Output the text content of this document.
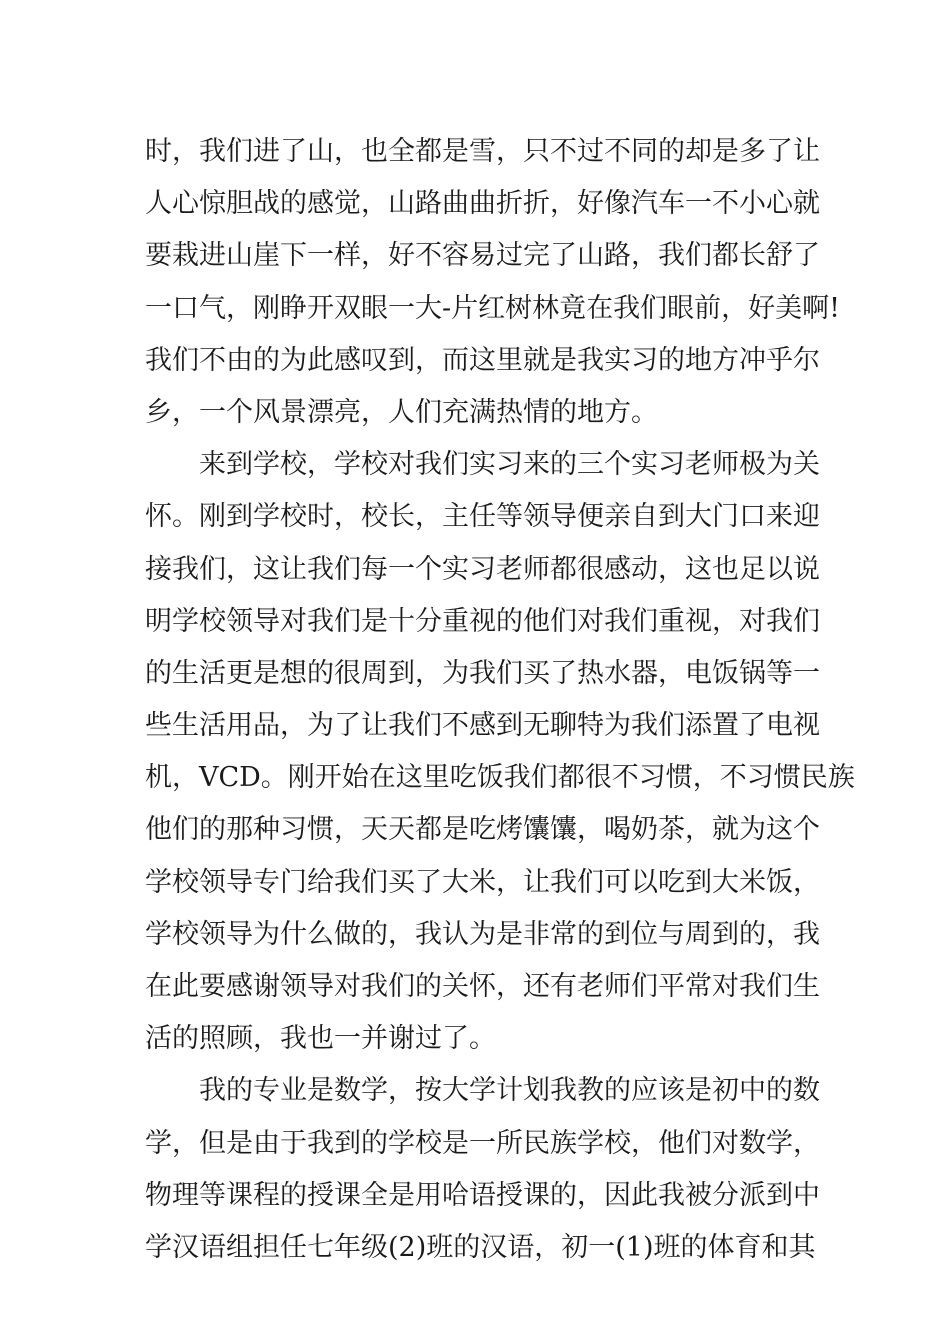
时，我们进了山，也全都是雪，只不过不同的却是多了让
人心惊胆战的感觉，山路曲曲折折，好像汽车一不小心就
要栽进山崖下一样，好不容易过完了山路，我们都长舒了
一口气，刚睁开双眼一大-片红树林竟在我们眼前，好美啊!
我们不由的为此感叹到，而这里就是我实习的地方冲乎尔
乡，一个风景漂亮，人们充满热情的地方。
来到学校，学校对我们实习来的三个实习老师极为关
怀。刚到学校时，校长，主任等领导便亲自到大门口来迎
接我们，这让我们每一个实习老师都很感动，这也足以说
明学校领导对我们是十分重视的他们对我们重视，对我们
的生活更是想的很周到，为我们买了热水器，电饭锅等一
些生活用品，为了让我们不感到无聊特为我们添置了电视
机，VCD。刚开始在这里吃饭我们都很不习惯，不习惯民族
他们的那种习惯，天天都是吃烤馕馕，喝奶茶，就为这个
学校领导专门给我们买了大米，让我们可以吃到大米饭，
学校领导为什么做的，我认为是非常的到位与周到的，我
在此要感谢领导对我们的关怀，还有老师们平常对我们生
活的照顾，我也一并谢过了。
我的专业是数学，按大学计划我教的应该是初中的数
学，但是由于我到的学校是一所民族学校，他们对数学，
物理等课程的授课全是用哈语授课的，因此我被分派到中
学汉语组担任七年级(2)班的汉语，初一(1)班的体育和其
